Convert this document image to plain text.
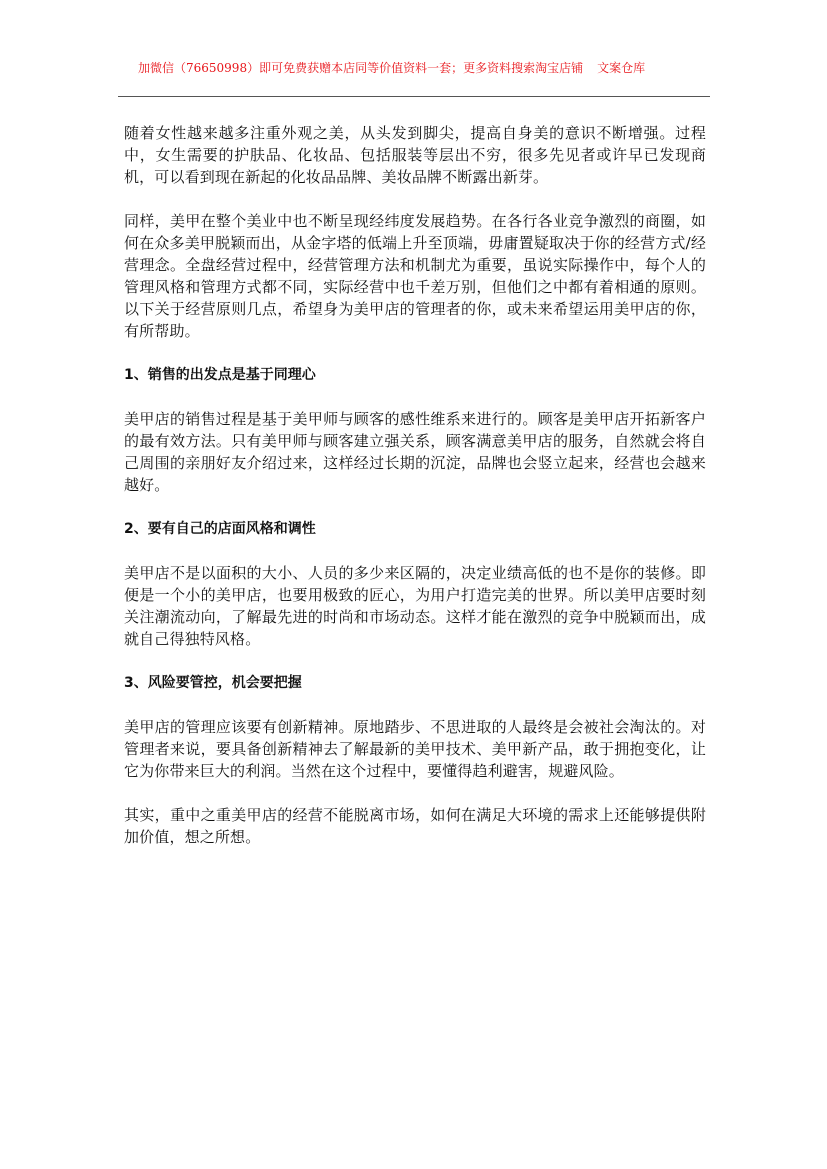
加微信（76650998）即可免费获赠本店同等价值资料一套；更多资料搜索淘宝店铺 文案仓库

随着女性越来越多注重外观之美，从头发到脚尖，提高自身美的意识不断增强。过程中，女生需要的护肤品、化妆品、包括服装等层出不穷，很多先见者或许早已发现商机，可以看到现在新起的化妆品品牌、美妆品牌不断露出新芽。

同样，美甲在整个美业中也不断呈现经纬度发展趋势。在各行各业竞争激烈的商圈，如何在众多美甲脱颖而出，从金字塔的低端上升至顶端，毋庸置疑取决于你的经营方式/经营理念。全盘经营过程中，经营管理方法和机制尤为重要，虽说实际操作中，每个人的管理风格和管理方式都不同，实际经营中也千差万别，但他们之中都有着相通的原则。以下关于经营原则几点，希望身为美甲店的管理者的你，或未来希望运用美甲店的你，有所帮助。

1、销售的出发点是基于同理心

美甲店的销售过程是基于美甲师与顾客的感性维系来进行的。顾客是美甲店开拓新客户的最有效方法。只有美甲师与顾客建立强关系，顾客满意美甲店的服务，自然就会将自己周围的亲朋好友介绍过来，这样经过长期的沉淀，品牌也会竖立起来，经营也会越来越好。

2、要有自己的店面风格和调性

美甲店不是以面积的大小、人员的多少来区隔的，决定业绩高低的也不是你的装修。即便是一个小的美甲店，也要用极致的匠心，为用户打造完美的世界。所以美甲店要时刻关注潮流动向，了解最先进的时尚和市场动态。这样才能在激烈的竞争中脱颖而出，成就自己得独特风格。

3、风险要管控，机会要把握

美甲店的管理应该要有创新精神。原地踏步、不思进取的人最终是会被社会淘汰的。对管理者来说，要具备创新精神去了解最新的美甲技术、美甲新产品，敢于拥抱变化，让它为你带来巨大的利润。当然在这个过程中，要懂得趋利避害，规避风险。

其实，重中之重美甲店的经营不能脱离市场，如何在满足大环境的需求上还能够提供附加价值，想之所想。
